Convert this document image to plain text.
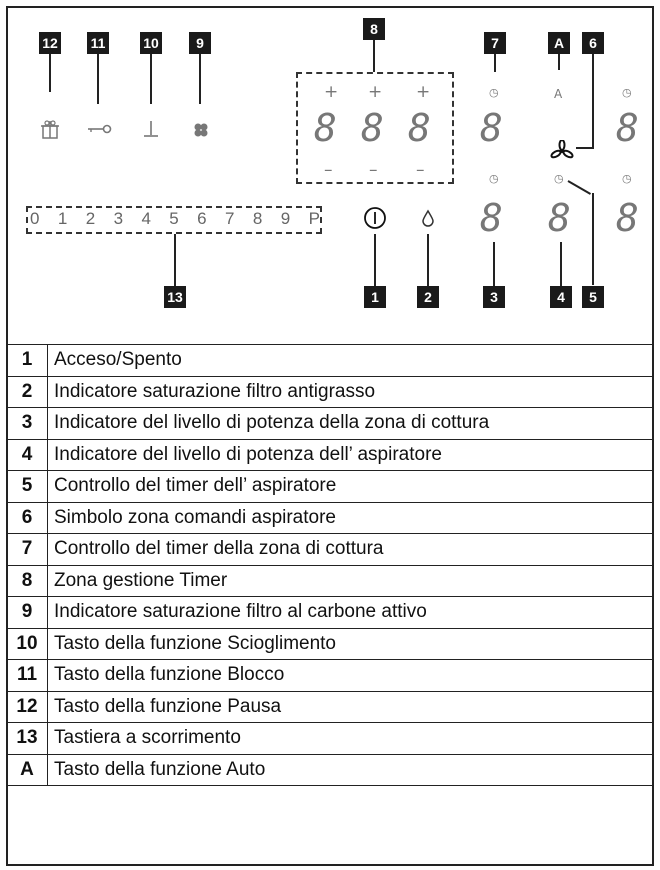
12 11	10	9
8
7	A	6
+ + +
8 8 8
– – –
◷
8
A	◷
8
◷	◷	◷
8 8 8
0 1 2 3 4 5 6 7 8 9 P
13	1	2	3	4	5
1	Acceso/Spento
2	Indicatore saturazione filtro antigrasso
3	Indicatore del livello di potenza della zona di cottura
4	Indicatore del livello di potenza dell’ aspiratore
5	Controllo del timer dell’ aspiratore
6	Simbolo zona comandi aspiratore
7	Controllo del timer della zona di cottura
8	Zona gestione Timer
9	Indicatore saturazione filtro al carbone attivo
10	Tasto della funzione Scioglimento
11	Tasto della funzione Blocco
12	Tasto della funzione Pausa
13	Tastiera a scorrimento
A	Tasto della funzione Auto
